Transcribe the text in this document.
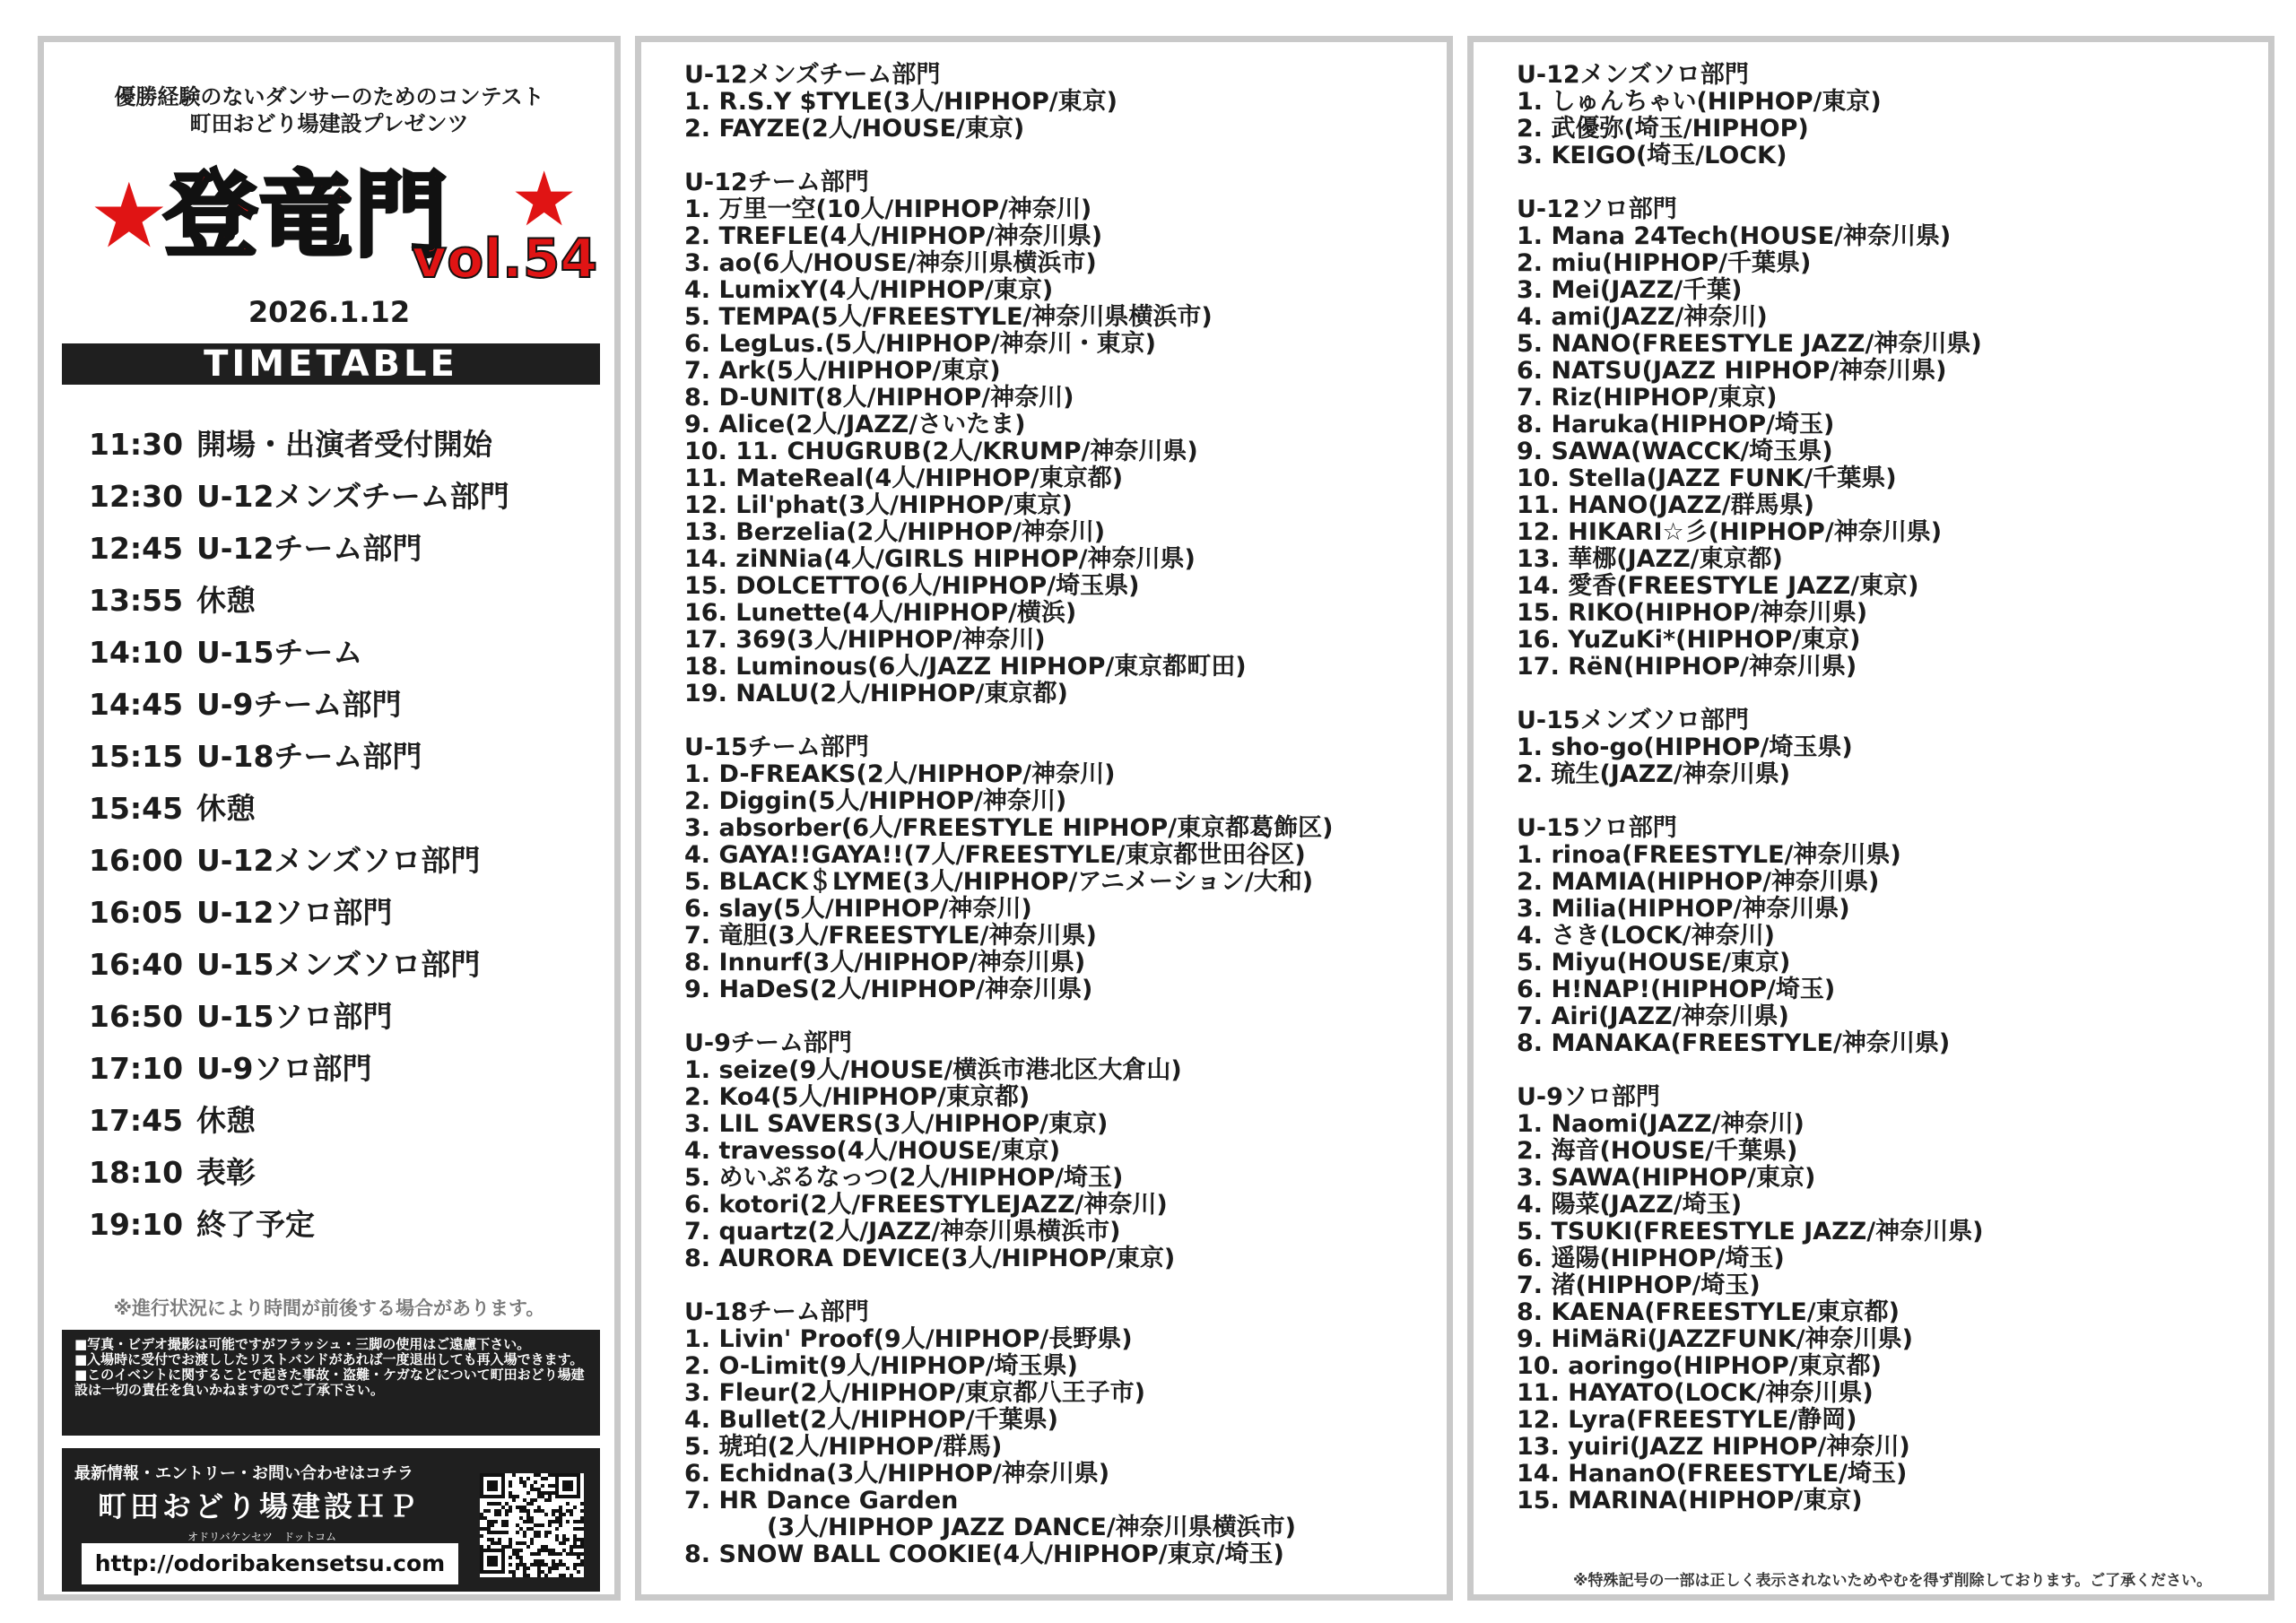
優勝経験のないダンサーのためのコンテスト
町田おどり場建設プレゼンツ
★
登竜門 ★
vol.54
2026.1.12
TIMETABLE
11:30 開場・出演者受付開始
12:30 U-12メンズチーム部門
12:45 U-12チーム部門
13:55 休憩
14:10 U-15チーム
14:45 U-9チーム部門
15:15 U-18チーム部門
15:45 休憩
16:00 U-12メンズソロ部門
16:05 U-12ソロ部門
16:40 U-15メンズソロ部門
16:50 U-15ソロ部門
17:10 U-9ソロ部門
17:45 休憩
18:10 表彰
19:10 終了予定
※進行状況により時間が前後する場合があります。

■写真・ビデオ撮影は可能ですがフラッシュ・三脚の使用はご遠慮下さい。

■入場時に受付でお渡ししたリストバンドがあれば一度退出しても再入場できます。

■このイベントに関することで起きた事故・盗難・ケガなどについて町田おどり場建設は一切の責任を負いかねますのでご了承下さい。

最新情報・エントリー・お問い合わせはコチラ
町田おどり場建設ＨＰ
オドリバケンセツ　ドットコム
http://odoribakensetsu.com
U-12メンズチーム部門
1. R.S.Y $TYLE(3人/HIPHOP/東京)
2. FAYZE(2人/HOUSE/東京)
U-12チーム部門
1. 万里一空(10人/HIPHOP/神奈川)
2. TREFLE(4人/HIPHOP/神奈川県)
3. ao(6人/HOUSE/神奈川県横浜市)
4. LumixY(4人/HIPHOP/東京)
5. TEMPA(5人/FREESTYLE/神奈川県横浜市)
6. LegLus.(5人/HIPHOP/神奈川・東京)
7. Ark(5人/HIPHOP/東京)
8. D-UNIT(8人/HIPHOP/神奈川)
9. Alice(2人/JAZZ/さいたま)
10. 11. CHUGRUB(2人/KRUMP/神奈川県)
11. MateReal(4人/HIPHOP/東京都)
12. Lil'phat(3人/HIPHOP/東京)
13. Berzelia(2人/HIPHOP/神奈川)
14. ziNNia(4人/GIRLS HIPHOP/神奈川県)
15. DOLCETTO(6人/HIPHOP/埼玉県)
16. Lunette(4人/HIPHOP/横浜)
17. 369(3人/HIPHOP/神奈川)
18. Luminous(6人/JAZZ HIPHOP/東京都町田)
19. NALU(2人/HIPHOP/東京都)
U-15チーム部門
1. D-FREAKS(2人/HIPHOP/神奈川)
2. Diggin(5人/HIPHOP/神奈川)
3. absorber(6人/FREESTYLE HIPHOP/東京都葛飾区)
4. GAYA!!GAYA!!(7人/FREESTYLE/東京都世田谷区)
5. BLACK＄LYME(3人/HIPHOP/アニメーション/大和)
6. slay(5人/HIPHOP/神奈川)
7. 竜胆(3人/FREESTYLE/神奈川県)
8. Innurf(3人/HIPHOP/神奈川県)
9. HaDeS(2人/HIPHOP/神奈川県)
U-9チーム部門
1. seize(9人/HOUSE/横浜市港北区大倉山)
2. Ko4(5人/HIPHOP/東京都)
3. LIL SAVERS(3人/HIPHOP/東京)
4. travesso(4人/HOUSE/東京)
5. めいぷるなっつ(2人/HIPHOP/埼玉)
6. kotori(2人/FREESTYLEJAZZ/神奈川)
7. quartz(2人/JAZZ/神奈川県横浜市)
8. AURORA DEVICE(3人/HIPHOP/東京)
U-18チーム部門
1. Livin' Proof(9人/HIPHOP/長野県)
2. O-Limit(9人/HIPHOP/埼玉県)
3. Fleur(2人/HIPHOP/東京都八王子市)
4. Bullet(2人/HIPHOP/千葉県)
5. 琥珀(2人/HIPHOP/群馬)
6. Echidna(3人/HIPHOP/神奈川県)
7. HR Dance Garden
(3人/HIPHOP JAZZ DANCE/神奈川県横浜市)
8. SNOW BALL COOKIE(4人/HIPHOP/東京/埼玉)
U-12メンズソロ部門
1. しゅんちゃい(HIPHOP/東京)
2. 武優弥(埼玉/HIPHOP)
3. KEIGO(埼玉/LOCK)
U-12ソロ部門
1. Mana 24Tech(HOUSE/神奈川県)
2. miu(HIPHOP/千葉県)
3. Mei(JAZZ/千葉)
4. ami(JAZZ/神奈川)
5. NANO(FREESTYLE JAZZ/神奈川県)
6. NATSU(JAZZ HIPHOP/神奈川県)
7. Riz(HIPHOP/東京)
8. Haruka(HIPHOP/埼玉)
9. SAWA(WACCK/埼玉県)
10. Stella(JAZZ FUNK/千葉県)
11. HANO(JAZZ/群馬県)
12. HIKARI☆彡(HIPHOP/神奈川県)
13. 華梛(JAZZ/東京都)
14. 愛香(FREESTYLE JAZZ/東京)
15. RIKO(HIPHOP/神奈川県)
16. YuZuKi*(HIPHOP/東京)
17. RëN(HIPHOP/神奈川県)
U-15メンズソロ部門
1. sho-go(HIPHOP/埼玉県)
2. 琉生(JAZZ/神奈川県)
U-15ソロ部門
1. rinoa(FREESTYLE/神奈川県)
2. MAMIA(HIPHOP/神奈川県)
3. Milia(HIPHOP/神奈川県)
4. さき(LOCK/神奈川)
5. Miyu(HOUSE/東京)
6. H!NAP!(HIPHOP/埼玉)
7. Airi(JAZZ/神奈川県)
8. MANAKA(FREESTYLE/神奈川県)
U-9ソロ部門
1. Naomi(JAZZ/神奈川)
2. 海音(HOUSE/千葉県)
3. SAWA(HIPHOP/東京)
4. 陽菜(JAZZ/埼玉)
5. TSUKI(FREESTYLE JAZZ/神奈川県)
6. 遥陽(HIPHOP/埼玉)
7. 渚(HIPHOP/埼玉)
8. KAENA(FREESTYLE/東京都)
9. HiMäRi(JAZZFUNK/神奈川県)
10. aoringo(HIPHOP/東京都)
11. HAYATO(LOCK/神奈川県)
12. Lyra(FREESTYLE/静岡)
13. yuiri(JAZZ HIPHOP/神奈川)
14. HananO(FREESTYLE/埼玉)
15. MARINA(HIPHOP/東京)
※特殊記号の一部は正しく表示されないためやむを得ず削除しております。ご了承ください。
